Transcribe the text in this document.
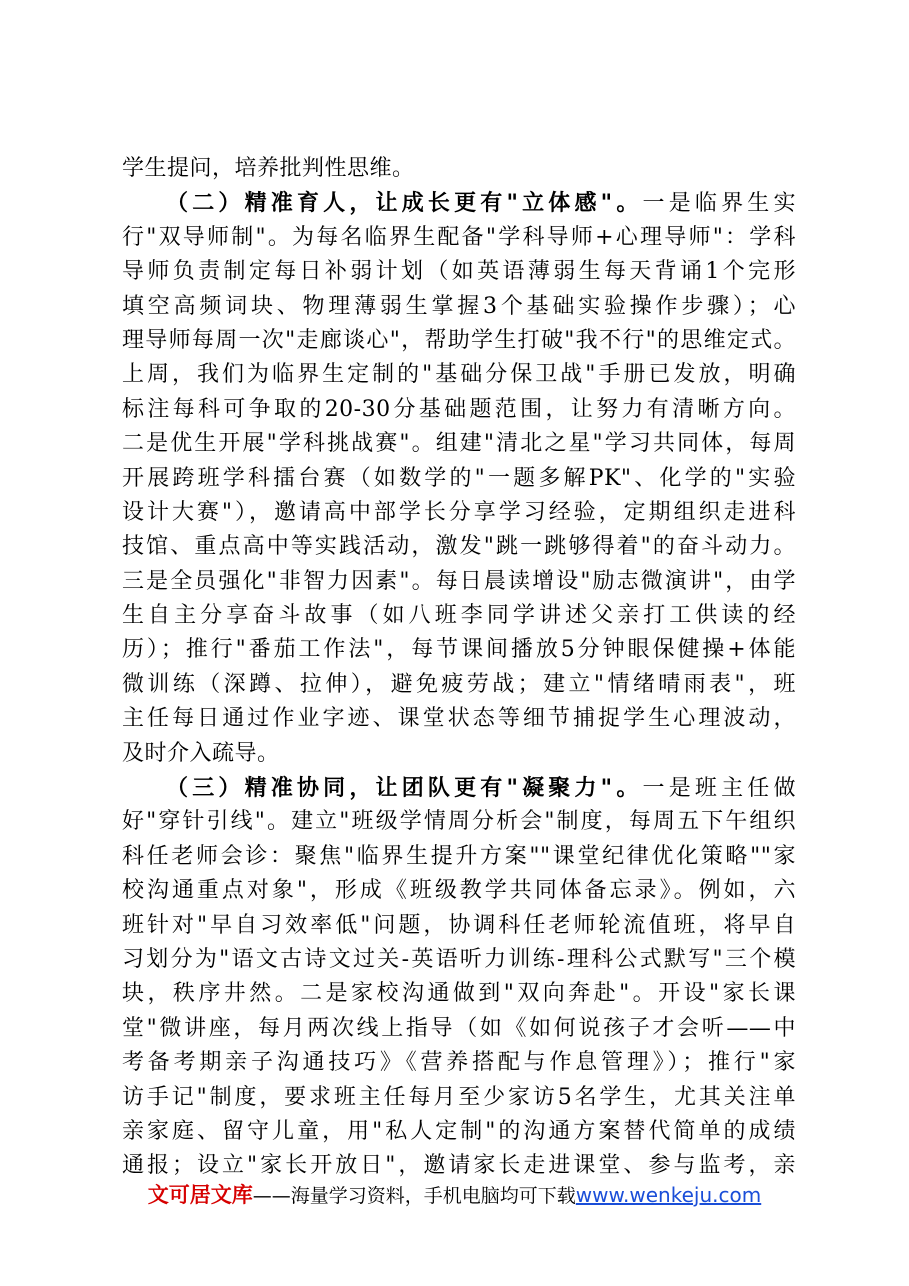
学生提问，培养批判性思维。
（二）精准育人，让成长更有"立体感"。一是临界生实
行"双导师制"。为每名临界生配备"学科导师+心理导师"：学科
导师负责制定每日补弱计划（如英语薄弱生每天背诵1个完形
填空高频词块、物理薄弱生掌握3个基础实验操作步骤）；心
理导师每周一次"走廊谈心"，帮助学生打破"我不行"的思维定式。
上周，我们为临界生定制的"基础分保卫战"手册已发放，明确
标注每科可争取的20-30分基础题范围，让努力有清晰方向。
二是优生开展"学科挑战赛"。组建"清北之星"学习共同体，每周
开展跨班学科擂台赛（如数学的"一题多解PK"、化学的"实验
设计大赛"），邀请高中部学长分享学习经验，定期组织走进科
技馆、重点高中等实践活动，激发"跳一跳够得着"的奋斗动力。
三是全员强化"非智力因素"。每日晨读增设"励志微演讲"，由学
生自主分享奋斗故事（如八班李同学讲述父亲打工供读的经
历）；推行"番茄工作法"，每节课间播放5分钟眼保健操+体能
微训练（深蹲、拉伸），避免疲劳战；建立"情绪晴雨表"，班
主任每日通过作业字迹、课堂状态等细节捕捉学生心理波动，
及时介入疏导。
（三）精准协同，让团队更有"凝聚力"。一是班主任做
好"穿针引线"。建立"班级学情周分析会"制度，每周五下午组织
科任老师会诊：聚焦"临界生提升方案""课堂纪律优化策略""家
校沟通重点对象"，形成《班级教学共同体备忘录》。例如，六
班针对"早自习效率低"问题，协调科任老师轮流值班，将早自
习划分为"语文古诗文过关-英语听力训练-理科公式默写"三个模
块，秩序井然。二是家校沟通做到"双向奔赴"。开设"家长课
堂"微讲座，每月两次线上指导（如《如何说孩子才会听——中
考备考期亲子沟通技巧》《营养搭配与作息管理》）；推行"家
访手记"制度，要求班主任每月至少家访5名学生，尤其关注单
亲家庭、留守儿童，用"私人定制"的沟通方案替代简单的成绩
通报；设立"家长开放日"，邀请家长走进课堂、参与监考，亲
文可居文库——海量学习资料，手机电脑均可下载www.wenkeju.com
